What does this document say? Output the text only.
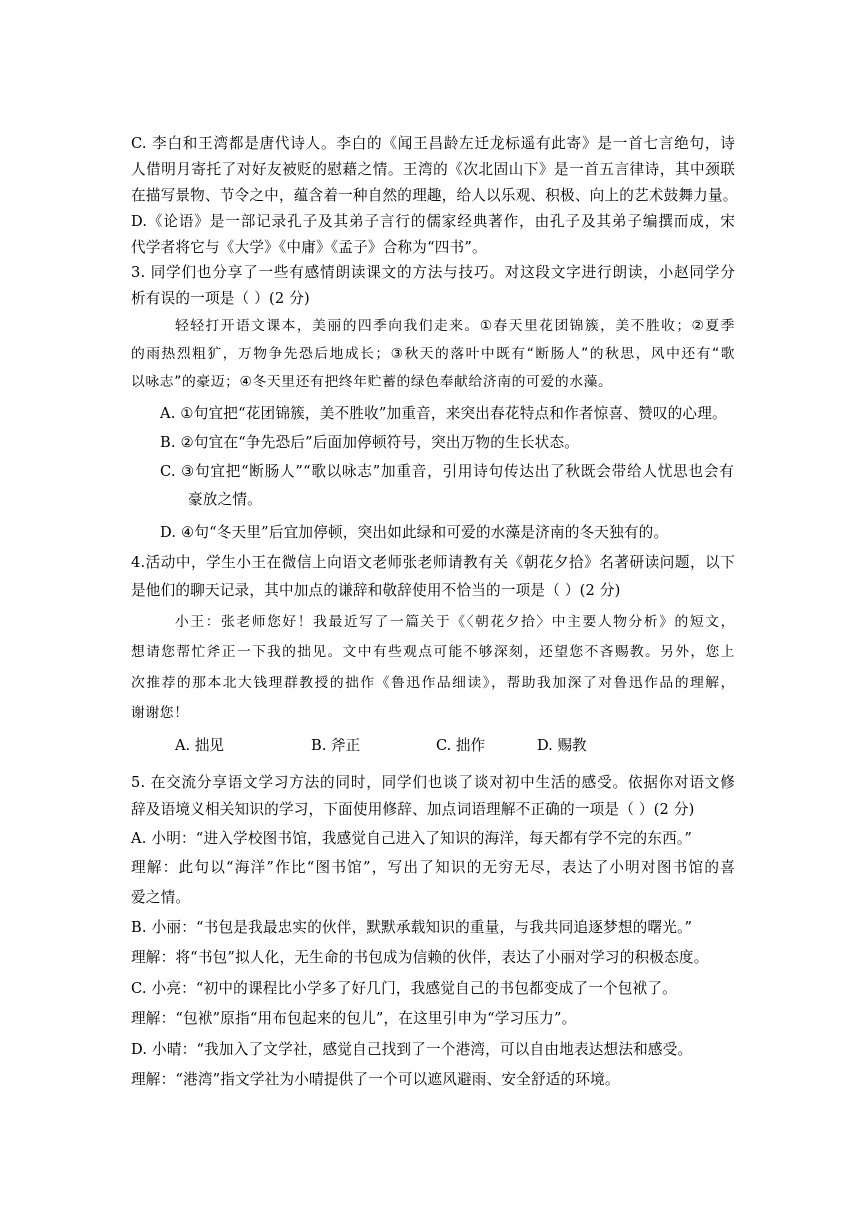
C. 李白和王湾都是唐代诗人。李白的《闻王昌龄左迁龙标遥有此寄》是一首七言绝句，诗

人借明月寄托了对好友被贬的慰藉之情。王湾的《次北固山下》是一首五言律诗，其中颈联

在描写景物、节令之中，蕴含着一种自然的理趣，给人以乐观、积极、向上的艺术鼓舞力量。

D.《论语》是一部记录孔子及其弟子言行的儒家经典著作，由孔子及其弟子编撰而成，宋

代学者将它与《大学》《中庸》《孟子》合称为“四书”。

3. 同学们也分享了一些有感情朗读课文的方法与技巧。对这段文字进行朗读，小赵同学分

析有误的一项是（ ）(2 分)

轻轻打开语文课本，美丽的四季向我们走来。①春天里花团锦簇，美不胜收；②夏季

的雨热烈粗犷，万物争先恐后地成长；③秋天的落叶中既有“断肠人”的秋思，风中还有“歌

以咏志”的豪迈；④冬天里还有把终年贮蓄的绿色奉献给济南的可爱的水藻。

A. ①句宜把“花团锦簇，美不胜收”加重音，来突出春花特点和作者惊喜、赞叹的心理。

B. ②句宜在“争先恐后”后面加停顿符号，突出万物的生长状态。

C. ③句宜把“断肠人”“歌以咏志”加重音，引用诗句传达出了秋既会带给人忧思也会有

豪放之情。

D. ④句“冬天里”后宜加停顿，突出如此绿和可爱的水藻是济南的冬天独有的。

4.活动中，学生小王在微信上向语文老师张老师请教有关《朝花夕拾》名著研读问题，以下

是他们的聊天记录，其中加点的谦辞和敬辞使用不恰当的一项是（ ）(2 分)

小王：张老师您好！我最近写了一篇关于《〈朝花夕拾〉中主要人物分析》的短文，

想请您帮忙斧正一下我的拙见。文中有些观点可能不够深刻，还望您不吝赐教。另外，您上

次推荐的那本北大钱理群教授的拙作《鲁迅作品细读》，帮助我加深了对鲁迅作品的理解，

谢谢您！

A. 拙见	B. 斧正	C. 拙作	D. 赐教

5. 在交流分享语文学习方法的同时，同学们也谈了谈对初中生活的感受。依据你对语文修

辞及语境义相关知识的学习，下面使用修辞、加点词语理解不正确的一项是（ ）(2 分)

A. 小明：“进入学校图书馆，我感觉自己进入了知识的海洋，每天都有学不完的东西。”

理解：此句以“海洋”作比“图书馆”，写出了知识的无穷无尽，表达了小明对图书馆的喜

爱之情。

B. 小丽：“书包是我最忠实的伙伴，默默承载知识的重量，与我共同追逐梦想的曙光。”

理解：将“书包”拟人化，无生命的书包成为信赖的伙伴，表达了小丽对学习的积极态度。

C. 小亮：“初中的课程比小学多了好几门，我感觉自己的书包都变成了一个包袱了。

理解：“包袱”原指“用布包起来的包儿”，在这里引申为“学习压力”。

D. 小晴：“我加入了文学社，感觉自己找到了一个港湾，可以自由地表达想法和感受。

理解：“港湾”指文学社为小晴提供了一个可以遮风避雨、安全舒适的环境。
